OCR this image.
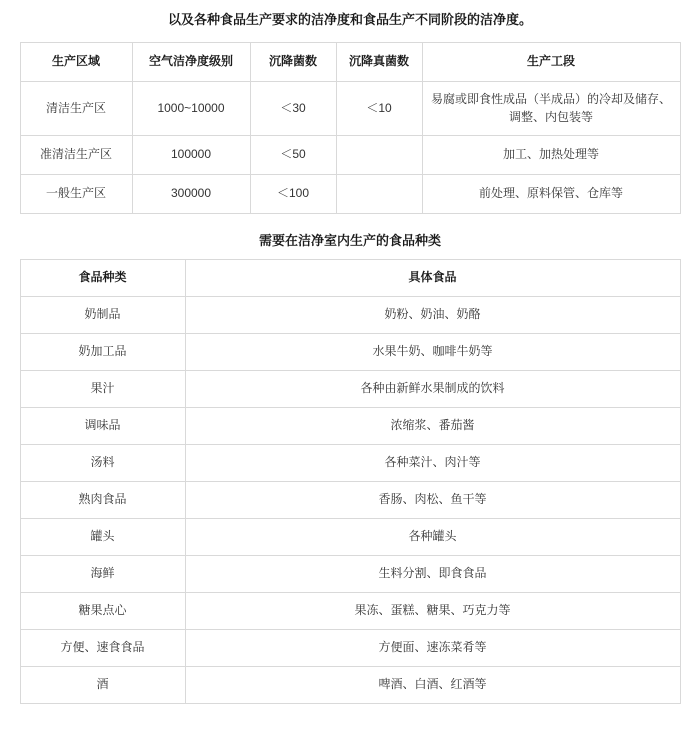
以及各种食品生产要求的洁净度和食品生产不同阶段的洁净度。
生产区域	空气洁净度级别	沉降菌数	沉降真菌数	生产工段
清洁生产区	1000~10000	＜30	＜10	易腐或即食性成品（半成品）的冷却及储存、调整、内包装等
准清洁生产区	100000	＜50		加工、加热处理等
一般生产区	300000	＜100		前处理、原料保管、仓库等
需要在洁净室内生产的食品种类
食品种类	具体食品
奶制品	奶粉、奶油、奶酪
奶加工品	水果牛奶、咖啡牛奶等
果汁	各种由新鲜水果制成的饮料
调味品	浓缩浆、番茄酱
汤料	各种菜汁、肉汁等
熟肉食品	香肠、肉松、鱼干等
罐头	各种罐头
海鲜	生料分割、即食食品
糖果点心	果冻、蛋糕、糖果、巧克力等
方便、速食食品	方便面、速冻菜肴等
酒	啤酒、白酒、红酒等
